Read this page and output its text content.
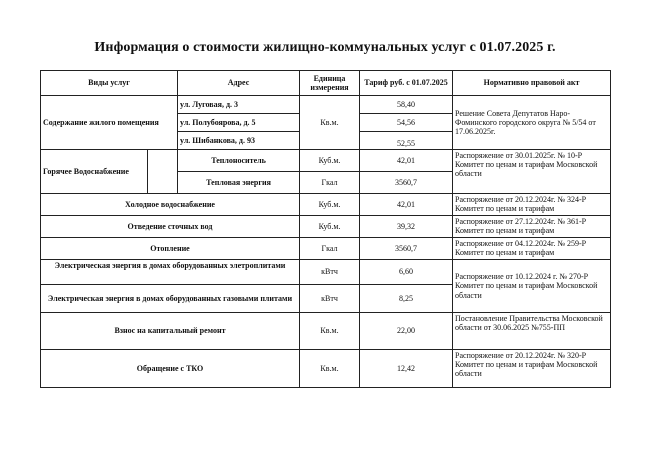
Информация о стоимости жилищно-коммунальных услуг с 01.07.2025 г.
Виды услуг		Адрес	Единица измерения	Тариф руб. с 01.07.2025	Нормативно правовой акт
Содержание жилого помещения		ул. Луговая, д. 3	Кв.м.	58,40	Решение Совета Депутатов Наро-Фоминского городского округа № 5/54 от 17.06.2025г.
		ул. Полубоярова, д. 5		54,56	
		ул. Шибанкова, д. 93		52,55	
Горячее Водоснабжение		Теплоноситель	Куб.м.	42,01	Распоряжение от 30.01.2025г. № 10-Р Комитет по ценам и тарифам Московской области
		Тепловая энергия	Гкал	3560,7	
Холодное водоснабжение			Куб.м.	42,01	Распоряжение от 20.12.2024г. № 324-Р Комитет по ценам и тарифам
Отведение сточных вод			Куб.м.	39,32	Распоряжение от 27.12.2024г. № 361-Р Комитет по ценам и тарифам
Отопление			Гкал	3560,7	Распоряжение от 04.12.2024г. № 259-Р Комитет по ценам и тарифам
Электрическая энергия в домах оборудованных элетроплитами			кВтч	6,60	Распоряжение от 10.12.2024 г. № 270-Р Комитет по ценам и тарифам Московской области
Электрическая энергия в домах оборудованных газовыми плитами			кВтч	8,25	
Взнос на капитальный ремонт			Кв.м.	22,00	Постановление Правительства Московской области от 30.06.2025 №755-ПП
Обращение с ТКО			Кв.м.	12,42	Распоряжение от 20.12.2024г. № 320-Р Комитет по ценам и тарифам Московской области
